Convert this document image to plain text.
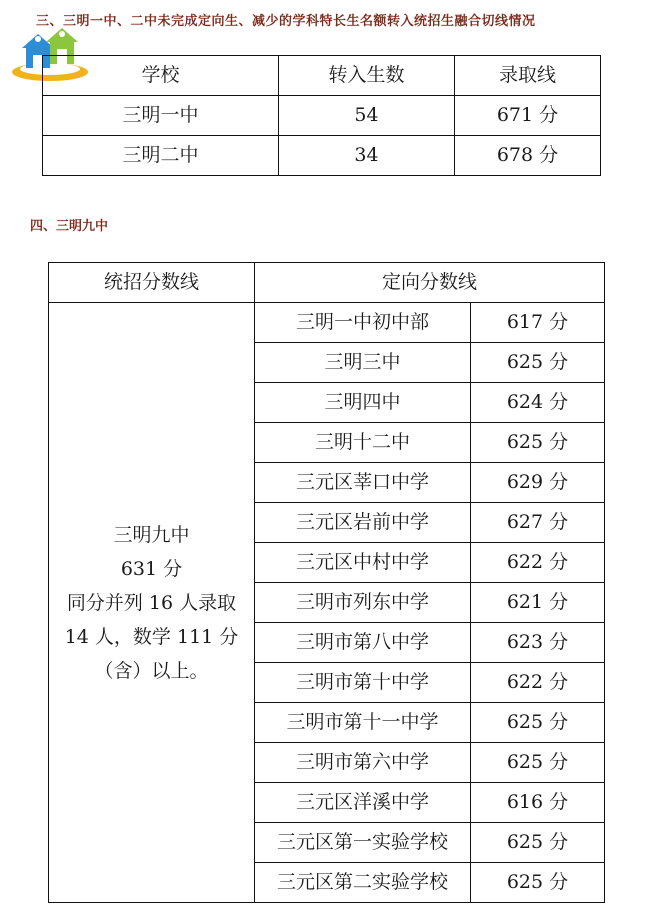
三、三明一中、二中未完成定向生、减少的学科特长生名额转入统招生融合切线情况
学校	转入生数	录取线
三明一中	54	671 分
三明二中	34	678 分
四、三明九中
统招分数线	定向分数线	

三明九中
631 分
同分并列 16 人录取
14 人，数学 111 分
（含）以上。	三明一中初中部	617 分
	三明三中	625 分
	三明四中	624 分
	三明十二中	625 分
	三元区莘口中学	629 分
	三元区岩前中学	627 分
	三元区中村中学	622 分
	三明市列东中学	621 分
	三明市第八中学	623 分
	三明市第十中学	622 分
	三明市第十一中学	625 分
	三明市第六中学	625 分
	三元区洋溪中学	616 分
	三元区第一实验学校	625 分
	三元区第二实验学校	625 分
